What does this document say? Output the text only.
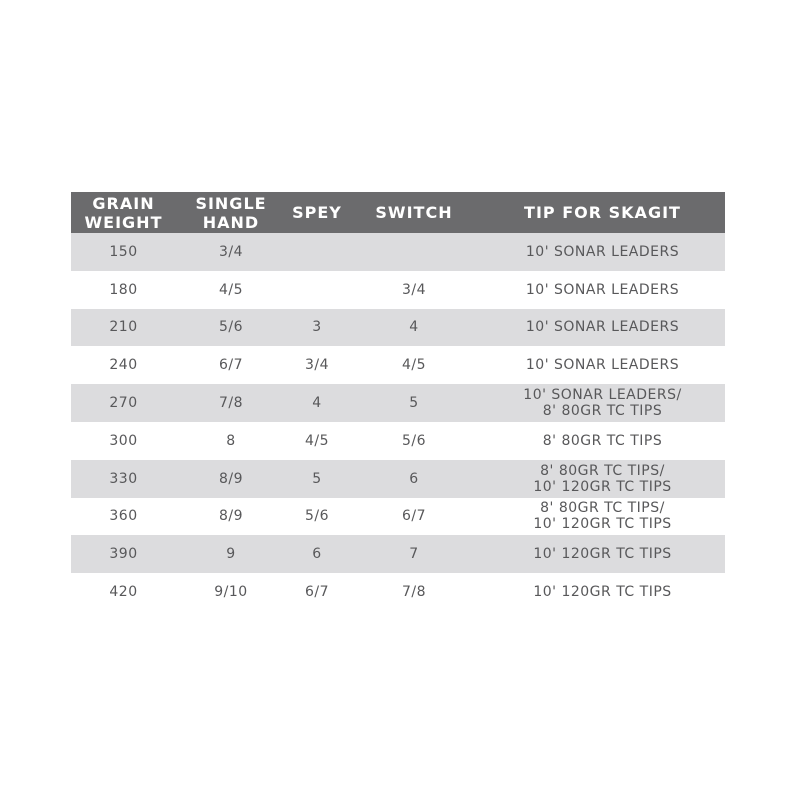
GRAIN
WEIGHT	SINGLE
HAND	SPEY	SWITCH	TIP FOR SKAGIT

150	3/4			10' SONAR LEADERS

180	4/5		3/4	10' SONAR LEADERS

210	5/6	3	4	10' SONAR LEADERS

240	6/7	3/4	4/5	10' SONAR LEADERS

270	7/8	4	5	10' SONAR LEADERS/
8' 80GR TC TIPS

300	8	4/5	5/6	8' 80GR TC TIPS

330	8/9	5	6	8' 80GR TC TIPS/
10' 120GR TC TIPS

360	8/9	5/6	6/7	8' 80GR TC TIPS/
10' 120GR TC TIPS

390	9	6	7	10' 120GR TC TIPS

420	9/10	6/7	7/8	10' 120GR TC TIPS
